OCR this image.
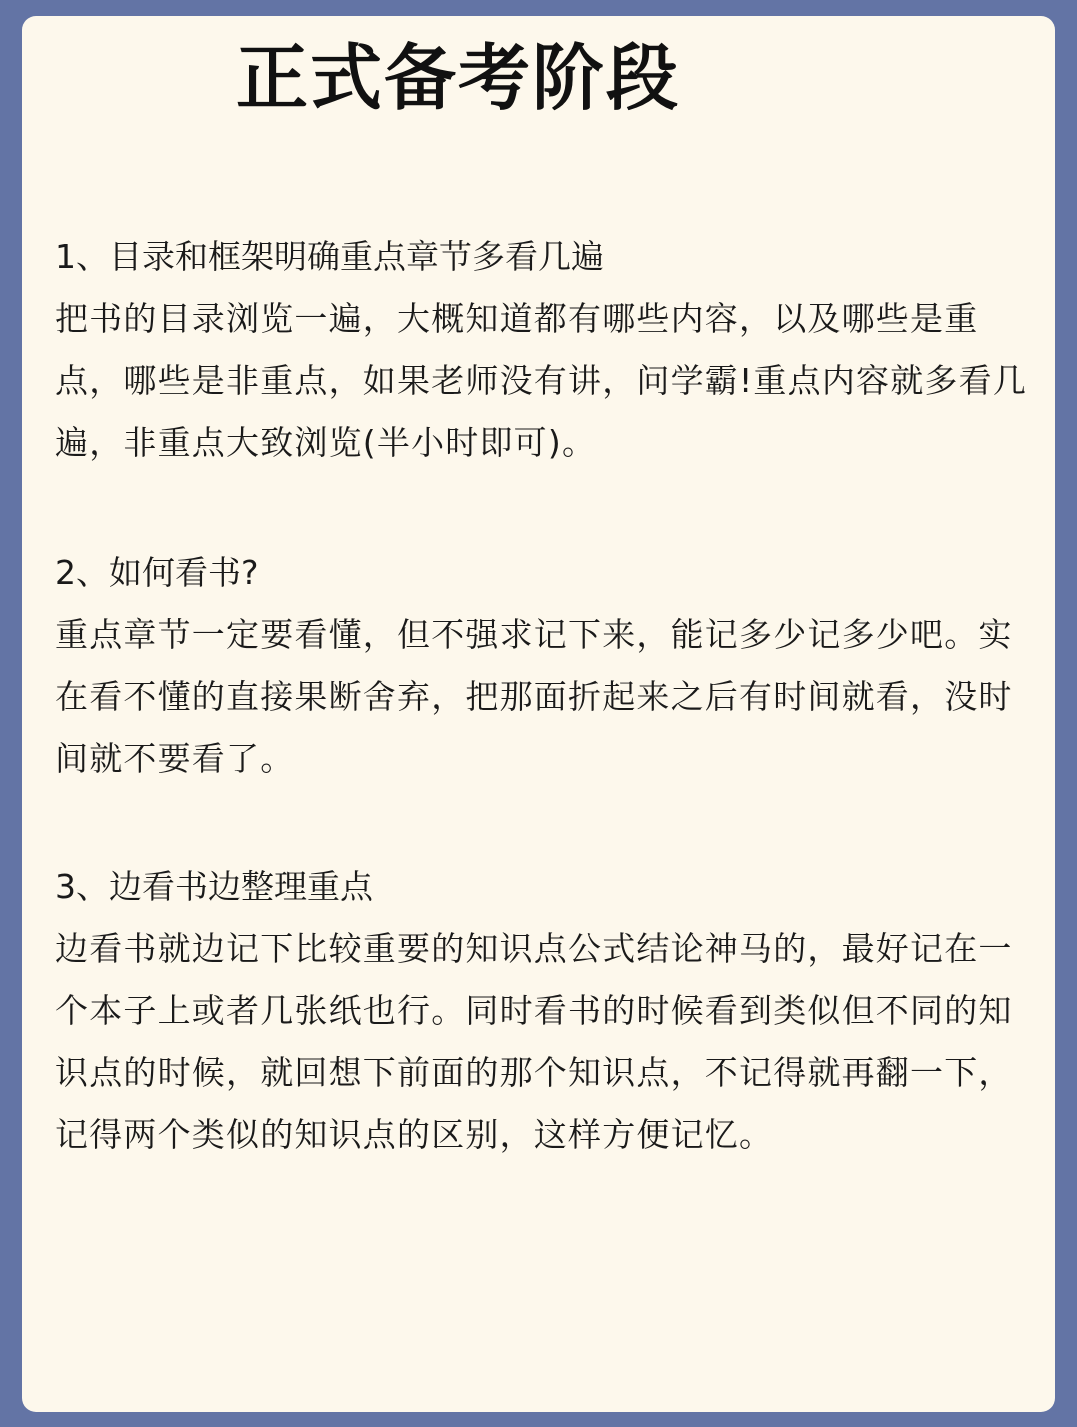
正式备考阶段

1、目录和框架明确重点章节多看几遍

把书的目录浏览一遍，大概知道都有哪些内容，以及哪些是重点，哪些是非重点，如果老师没有讲，问学霸!重点内容就多看几遍，非重点大致浏览(半小时即可)。

2、如何看书?

重点章节一定要看懂，但不强求记下来，能记多少记多少吧。实在看不懂的直接果断舍弃，把那面折起来之后有时间就看，没时间就不要看了。

3、边看书边整理重点

边看书就边记下比较重要的知识点公式结论神马的，最好记在一个本子上或者几张纸也行。同时看书的时候看到类似但不同的知识点的时候，就回想下前面的那个知识点，不记得就再翻一下，记得两个类似的知识点的区别，这样方便记忆。
